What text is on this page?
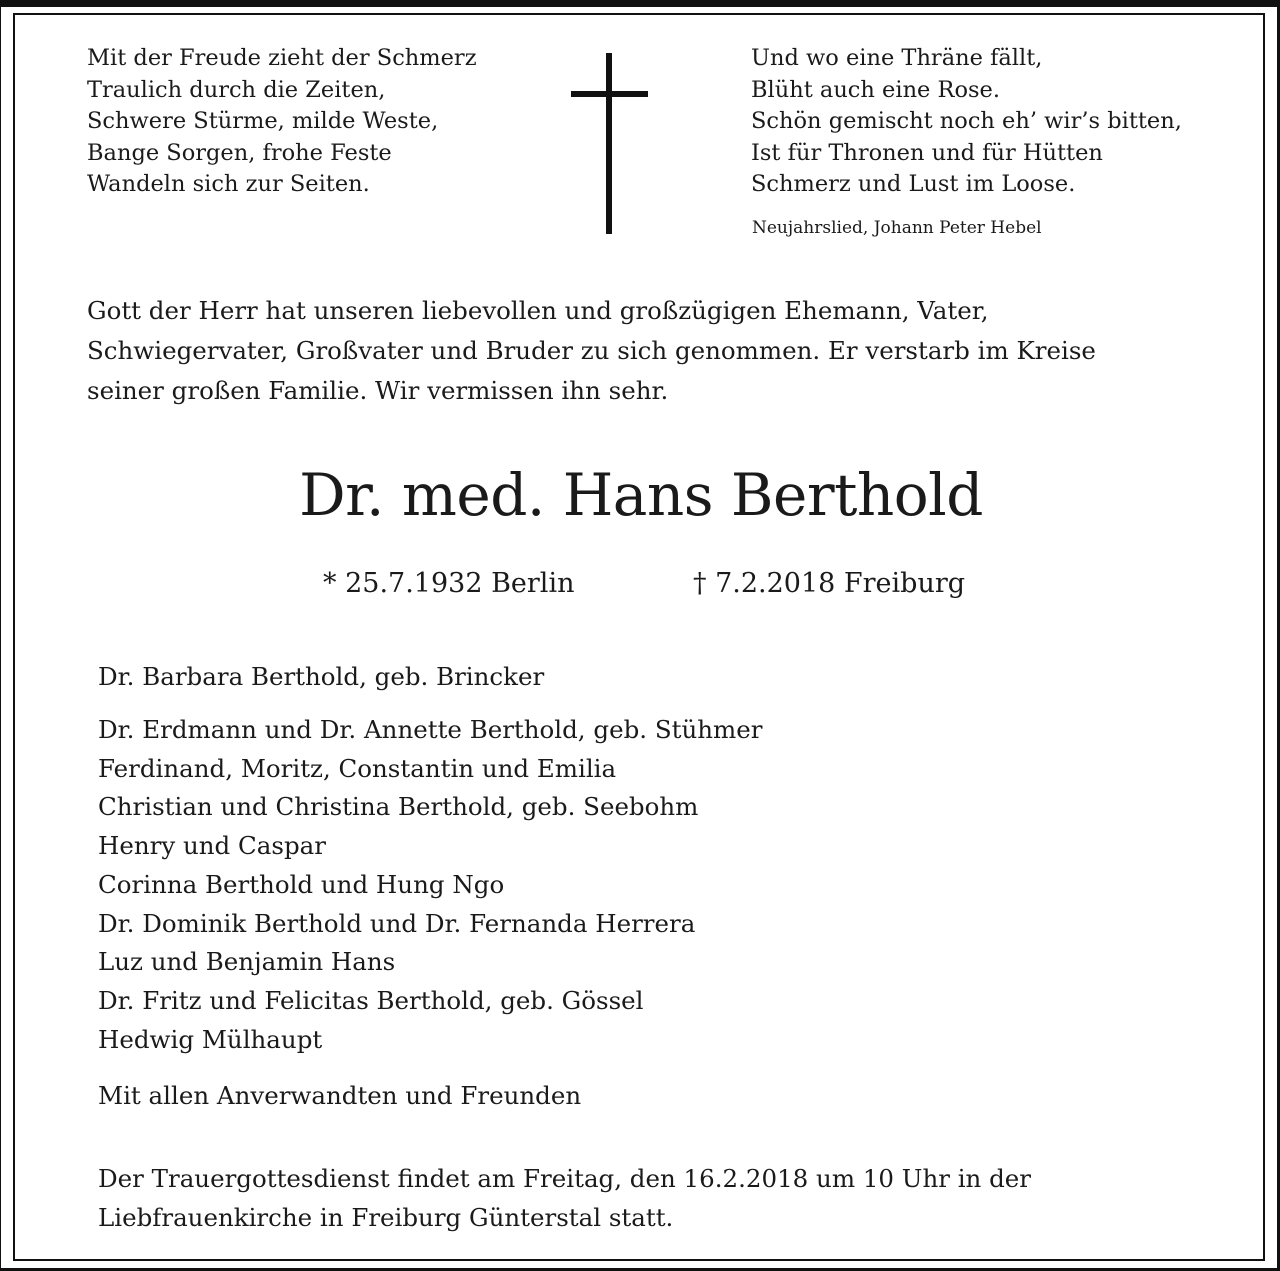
Mit der Freude zieht der Schmerz
Traulich durch die Zeiten,
Schwere Stürme, milde Weste,
Bange Sorgen, frohe Feste
Wandeln sich zur Seiten.
Und wo eine Thräne fällt,
Blüht auch eine Rose.
Schön gemischt noch eh’ wir’s bitten,
Ist für Thronen und für Hütten
Schmerz und Lust im Loose.
Neujahrslied, Johann Peter Hebel
Gott der Herr hat unseren liebevollen und großzügigen Ehemann, Vater,
Schwiegervater, Großvater und Bruder zu sich genommen. Er verstarb im Kreise
seiner großen Familie. Wir vermissen ihn sehr.
Dr. med. Hans Berthold
* 25.7.1932 Berlin	† 7.2.2018 Freiburg
Dr. Barbara Berthold, geb. Brincker
Dr. Erdmann und Dr. Annette Berthold, geb. Stühmer
Ferdinand, Moritz, Constantin und Emilia
Christian und Christina Berthold, geb. Seebohm
Henry und Caspar
Corinna Berthold und Hung Ngo
Dr. Dominik Berthold und Dr. Fernanda Herrera
Luz und Benjamin Hans
Dr. Fritz und Felicitas Berthold, geb. Gössel
Hedwig Mülhaupt
Mit allen Anverwandten und Freunden
Der Trauergottesdienst findet am Freitag, den 16.2.2018 um 10 Uhr in der
Liebfrauenkirche in Freiburg Günterstal statt.
